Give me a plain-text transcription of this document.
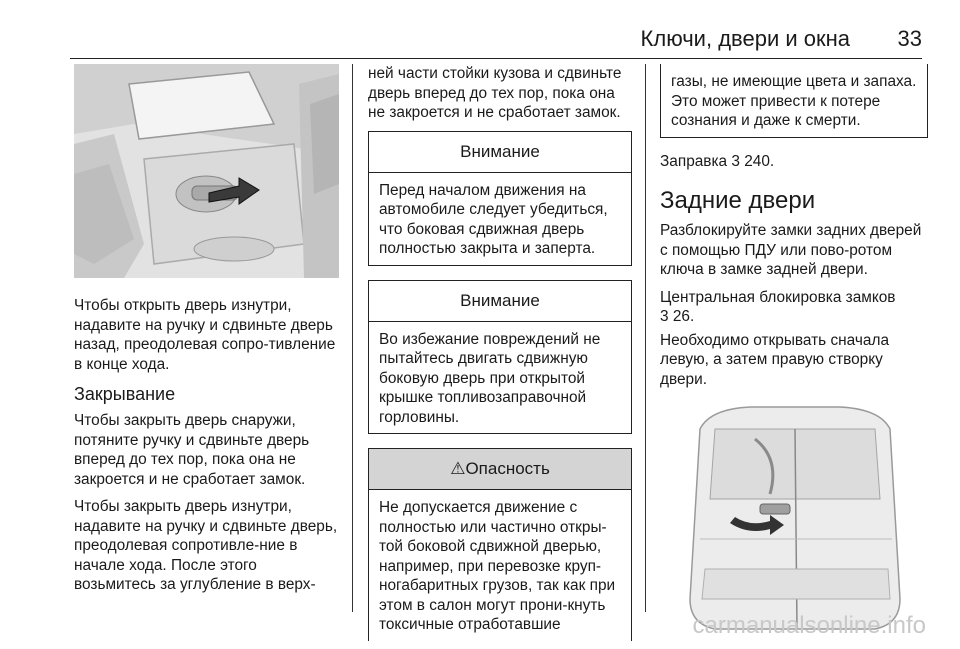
Ключи, двери и окна 33

Чтобы открыть дверь изнутри, надавите на ручку и сдвиньте дверь назад, преодолевая сопро-тивление в конце хода.

Закрывание

Чтобы закрыть дверь снаружи, потяните ручку и сдвиньте дверь вперед до тех пор, пока она не закроется и не сработает замок.

Чтобы закрыть дверь изнутри, надавите на ручку и сдвиньте дверь, преодолевая сопротивле-ние в начале хода. После этого возьмитесь за углубление в верх-

ней части стойки кузова и сдвиньте дверь вперед до тех пор, пока она не закроется и не сработает замок.

Внимание
Перед началом движения на автомобиле следует убедиться, что боковая сдвижная дверь полностью закрыта и заперта.
Внимание
Во избежание повреждений не пытайтесь двигать сдвижную боковую дверь при открытой крышке топливозаправочной горловины.
⚠Опасность
Не допускается движение с полностью или частично откры-той боковой сдвижной дверью, например, при перевозке круп-ногабаритных грузов, так как при этом в салон могут прони-кнуть токсичные отработавшие
газы, не имеющие цвета и запаха. Это может привести к потере сознания и даже к смерти.

Заправка 3 240.

Задние двери

Разблокируйте замки задних дверей с помощью ПДУ или пово-ротом ключа в замке задней двери.

Центральная блокировка замков
3 26.

Необходимо открывать сначала левую, а затем правую створку двери.

carmanualsonline.info
